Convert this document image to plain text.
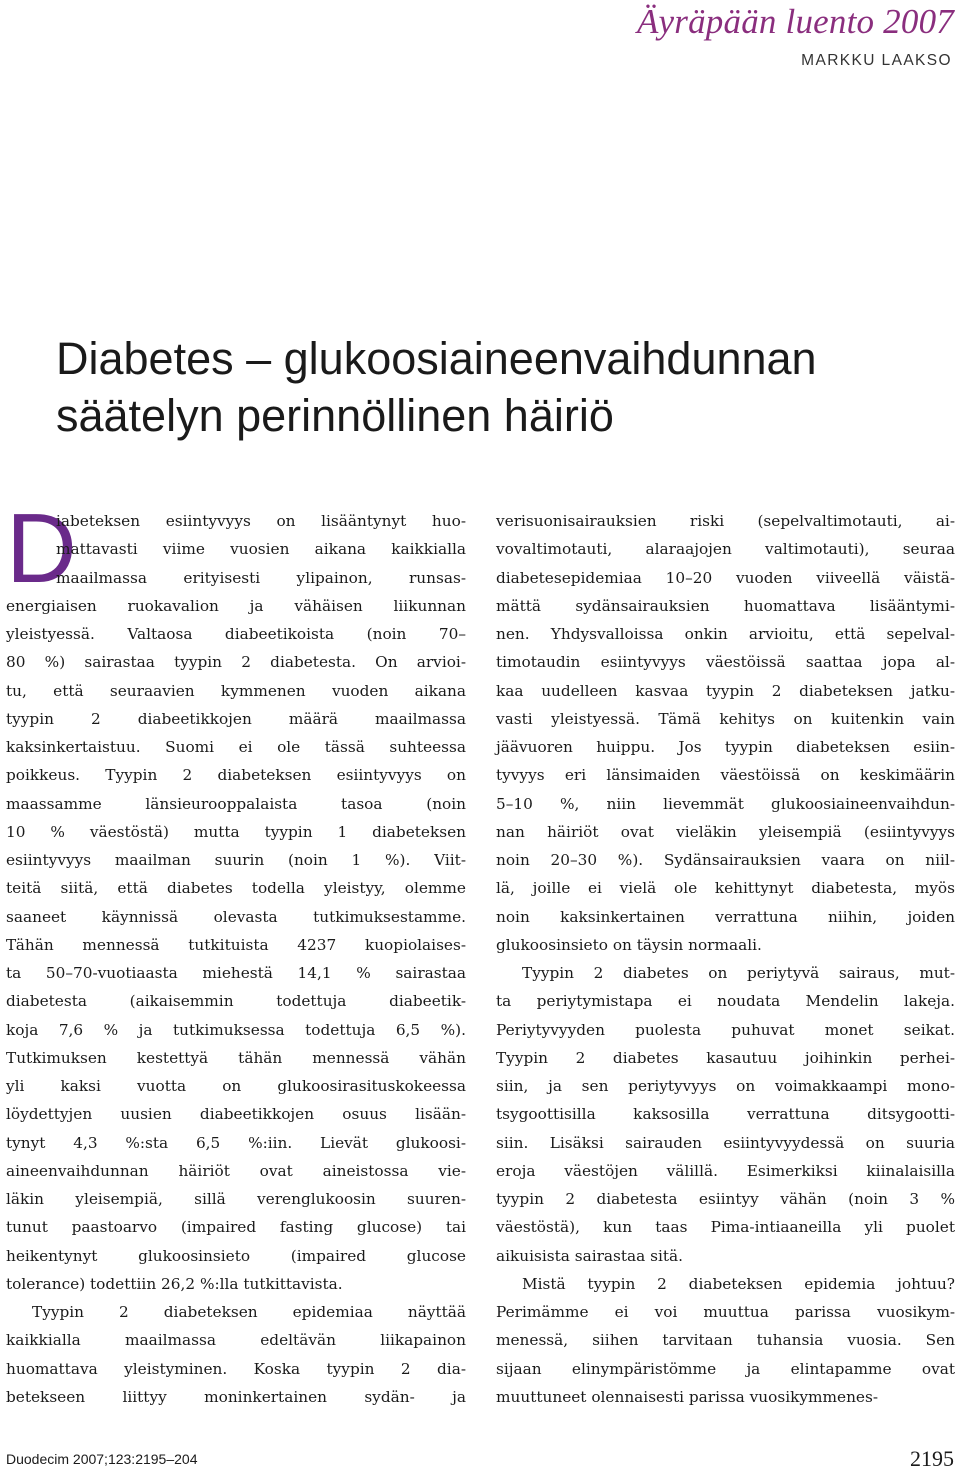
Äyräpään luento 2007
MARKKU LAAKSO
Diabetes – glukoosiaineenvaihdunnan
säätelyn perinnöllinen häiriö
D
iabeteksen esiintyvyys on lisääntynyt huo-
mattavasti viime vuosien aikana kaikkialla
maailmassa erityisesti ylipainon, runsas-
energiaisen ruokavalion ja vähäisen liikunnan
yleistyessä. Valtaosa diabeetikoista (noin 70–
80 %) sairastaa tyypin 2 diabetesta. On arvioi-
tu, että seuraavien kymmenen vuoden aikana
tyypin 2 diabeetikkojen määrä maailmassa
kaksinkertaistuu. Suomi ei ole tässä suhteessa
poikkeus. Tyypin 2 diabeteksen esiintyvyys on
maassamme länsieurooppalaista tasoa (noin
10 % väestöstä) mutta tyypin 1 diabeteksen
esiintyvyys maailman suurin (noin 1 %). Viit-
teitä siitä, että diabetes todella yleistyy, olemme
saaneet käynnissä olevasta tutkimuksestamme.
Tähän mennessä tutkituista 4237 kuopiolaises-
ta 50–70-vuotiaasta miehestä 14,1 % sairastaa
diabetesta (aikaisemmin todettuja diabeetik-
koja 7,6 % ja tutkimuksessa todettuja 6,5 %).
Tutkimuksen kestettyä tähän mennessä vähän
yli kaksi vuotta on glukoosirasituskokeessa
löydettyjen uusien diabeetikkojen osuus lisään-
tynyt 4,3 %:sta 6,5 %:iin. Lievät glukoosi-
aineenvaihdunnan häiriöt ovat aineistossa vie-
läkin yleisempiä, sillä verenglukoosin suuren-
tunut paastoarvo (impaired fasting glucose) tai
heikentynyt glukoosinsieto (impaired glucose
tolerance) todettiin 26,2 %:lla tutkittavista.
Tyypin 2 diabeteksen epidemiaa näyttää
kaikkialla maailmassa edeltävän liikapainon
huomattava yleistyminen. Koska tyypin 2 dia-
betekseen liittyy moninkertainen sydän- ja
verisuonisairauksien riski (sepelvaltimotauti, ai-
vovaltimotauti, alaraajojen valtimotauti), seuraa
diabetesepidemiaa 10–20 vuoden viiveellä väistä-
mättä sydänsairauksien huomattava lisääntymi-
nen. Yhdysvalloissa onkin arvioitu, että sepelval-
timotaudin esiintyvyys väestöissä saattaa jopa al-
kaa uudelleen kasvaa tyypin 2 diabeteksen jatku-
vasti yleistyessä. Tämä kehitys on kuitenkin vain
jäävuoren huippu. Jos tyypin diabeteksen esiin-
tyvyys eri länsimaiden väestöissä on keskimäärin
5–10 %, niin lievemmät glukoosiaineenvaihdun-
nan häiriöt ovat vieläkin yleisempiä (esiintyvyys
noin 20–30 %). Sydänsairauksien vaara on niil-
lä, joille ei vielä ole kehittynyt diabetesta, myös
noin kaksinkertainen verrattuna niihin, joiden
glukoosinsieto on täysin normaali.
Tyypin 2 diabetes on periytyvä sairaus, mut-
ta periytymistapa ei noudata Mendelin lakeja.
Periytyvyyden puolesta puhuvat monet seikat.
Tyypin 2 diabetes kasautuu joihinkin perhei-
siin, ja sen periytyvyys on voimakkaampi mono-
tsygoottisilla kaksosilla verrattuna ditsygootti-
siin. Lisäksi sairauden esiintyvyydessä on suuria
eroja väestöjen välillä. Esimerkiksi kiinalaisilla
tyypin 2 diabetesta esiintyy vähän (noin 3 %
väestöstä), kun taas Pima-intiaaneilla yli puolet
aikuisista sairastaa sitä.
Mistä tyypin 2 diabeteksen epidemia johtuu?
Perimämme ei voi muuttua parissa vuosikym-
menessä, siihen tarvitaan tuhansia vuosia. Sen
sijaan elinympäristömme ja elintapamme ovat
muuttuneet olennaisesti parissa vuosikymmenes-
Duodecim 2007;123:2195–204	2195
